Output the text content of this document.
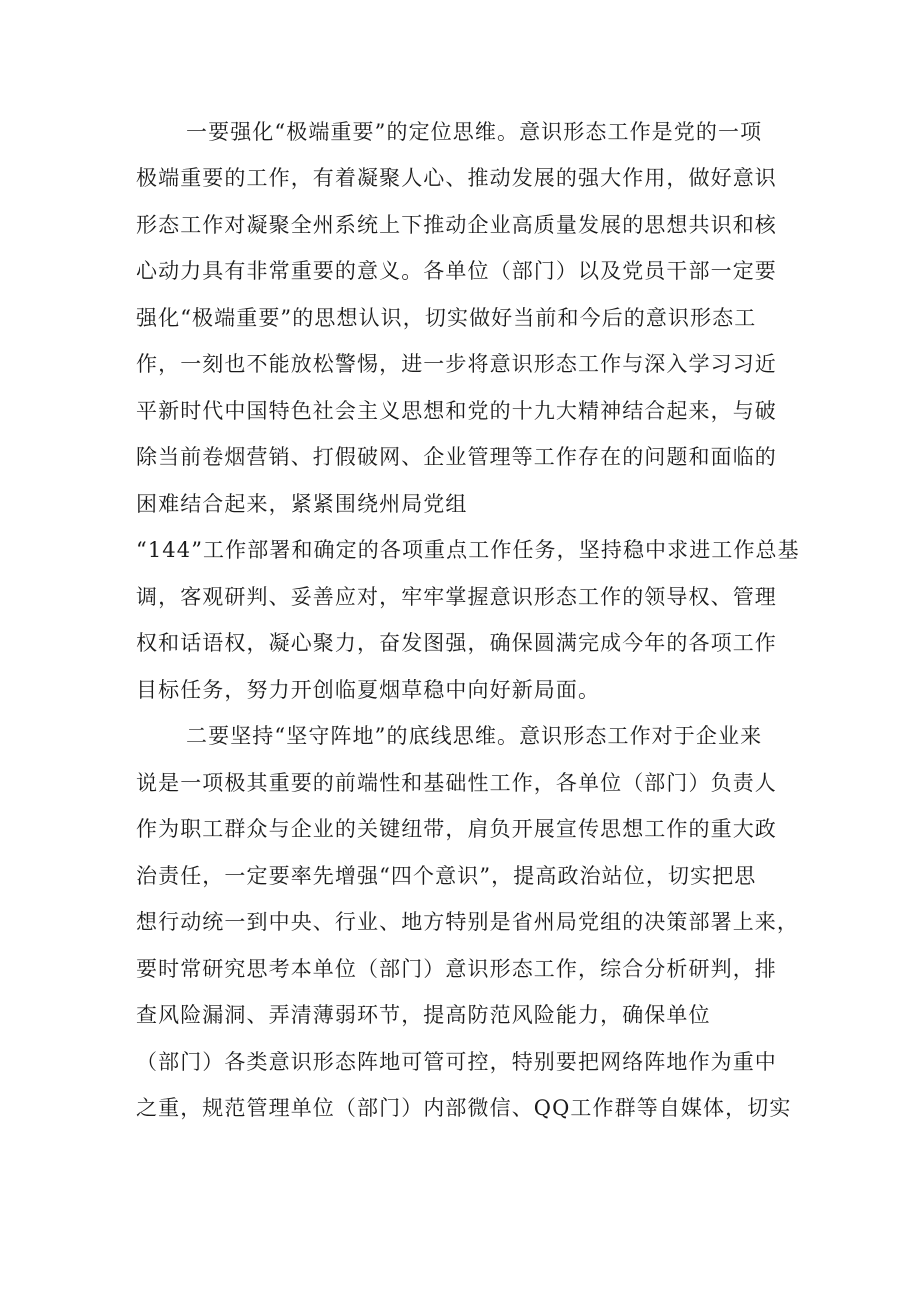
一要强化“极端重要”的定位思维。意识形态工作是党的一项
极端重要的工作，有着凝聚人心、推动发展的强大作用，做好意识
形态工作对凝聚全州系统上下推动企业高质量发展的思想共识和核
心动力具有非常重要的意义。各单位（部门）以及党员干部一定要
强化“极端重要”的思想认识，切实做好当前和今后的意识形态工
作，一刻也不能放松警惕，进一步将意识形态工作与深入学习习近
平新时代中国特色社会主义思想和党的十九大精神结合起来，与破
除当前卷烟营销、打假破网、企业管理等工作存在的问题和面临的
困难结合起来，紧紧围绕州局党组
“144”工作部署和确定的各项重点工作任务，坚持稳中求进工作总基
调，客观研判、妥善应对，牢牢掌握意识形态工作的领导权、管理
权和话语权，凝心聚力，奋发图强，确保圆满完成今年的各项工作
目标任务，努力开创临夏烟草稳中向好新局面。
二要坚持“坚守阵地”的底线思维。意识形态工作对于企业来
说是一项极其重要的前端性和基础性工作，各单位（部门）负责人
作为职工群众与企业的关键纽带，肩负开展宣传思想工作的重大政
治责任，一定要率先增强“四个意识”，提高政治站位，切实把思
想行动统一到中央、行业、地方特别是省州局党组的决策部署上来，
要时常研究思考本单位（部门）意识形态工作，综合分析研判，排
查风险漏洞、弄清薄弱环节，提高防范风险能力，确保单位
（部门）各类意识形态阵地可管可控，特别要把网络阵地作为重中
之重，规范管理单位（部门）内部微信、QQ工作群等自媒体，切实
